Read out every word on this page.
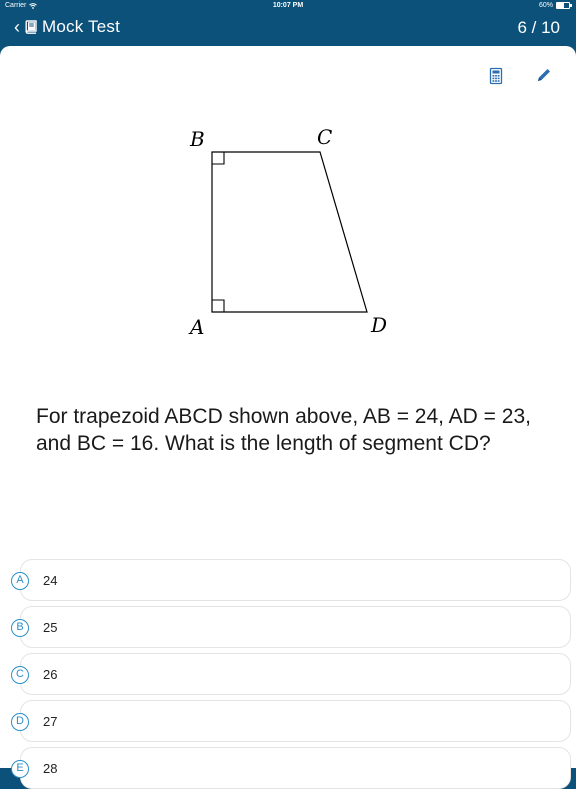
Carrier	10:07 PM	60%
‹ Mock Test	6 / 10
B	C
A	D
For trapezoid ABCD shown above, AB = 24, AD = 23, and BC = 16. What is the length of segment CD?
A	24
B	25
C	26
D	27
E	28
